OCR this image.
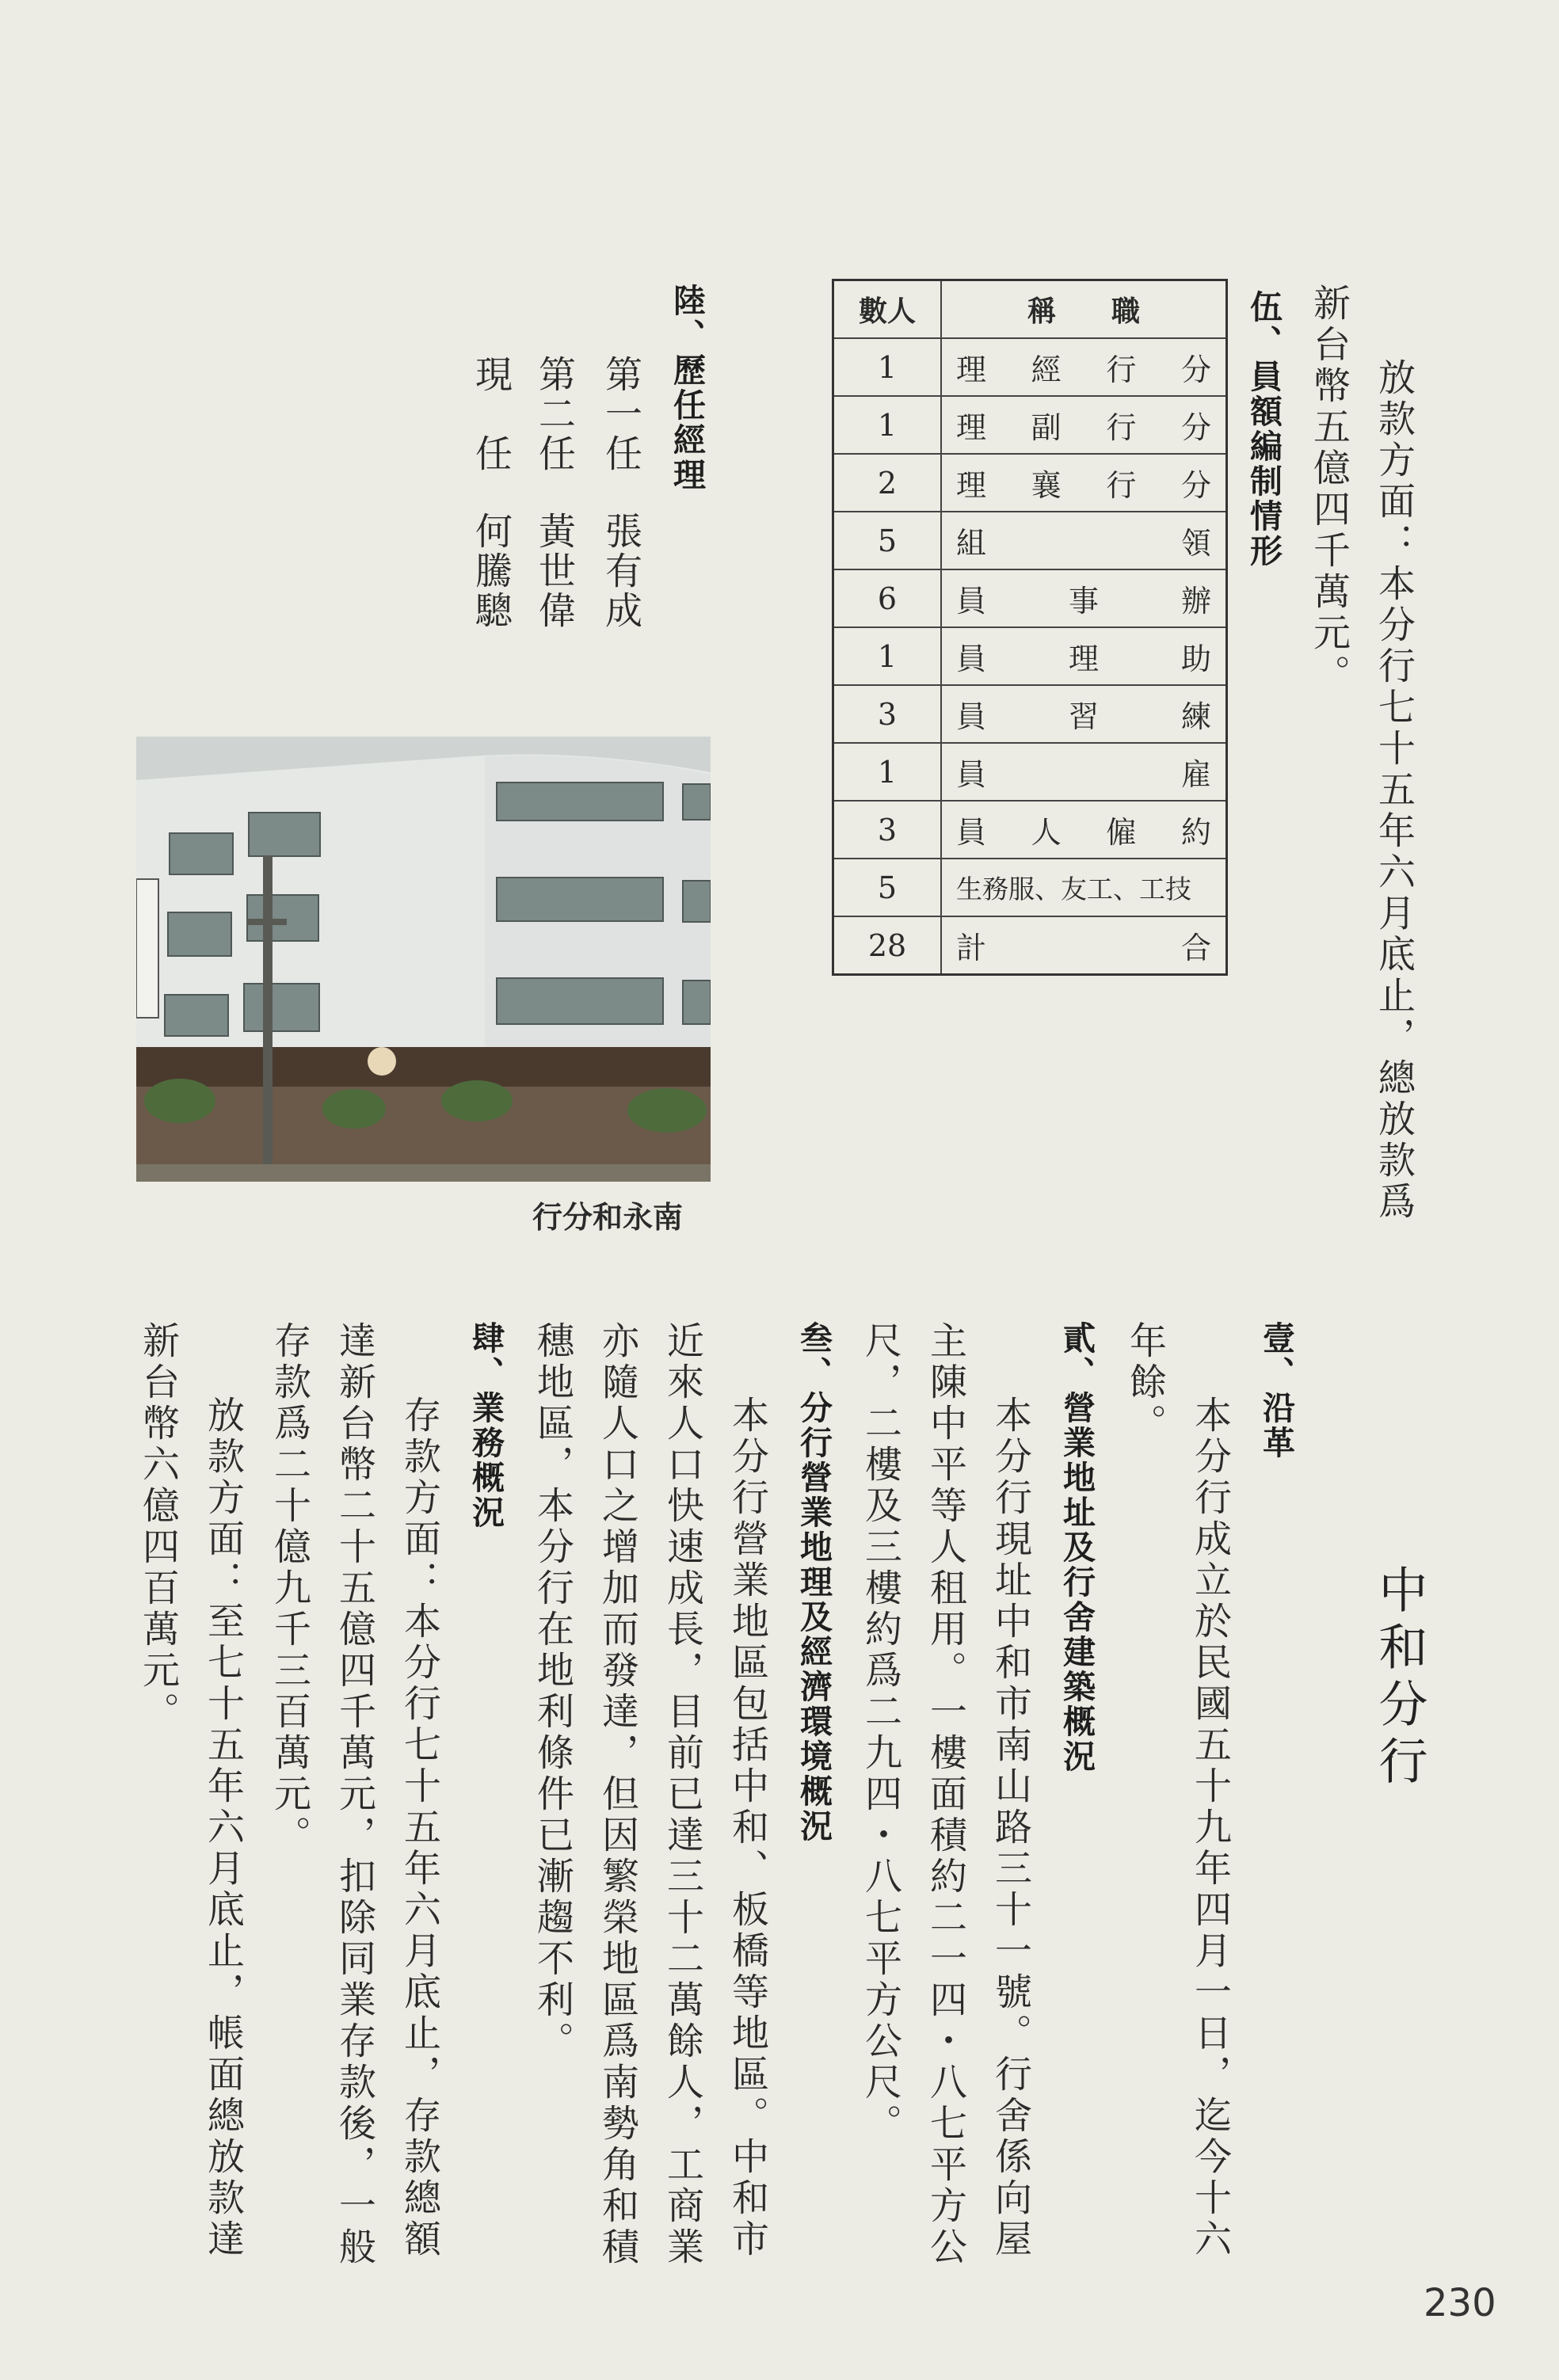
放款方面：本分行七十五年六月底止，總放款爲
新台幣五億四千萬元。
伍、員額編制情形
數人	稱 職

1	理 經 行 分

1	理 副 行 分

2	理 襄 行 分

5	組 領

6	員 事 辦

1	員 理 助

3	員 習 練

1	員 雇

3	員 人 僱 約

5	生務服、友工、工技

28	計 合
陸、歷任經理
第一任張有成
第二任黃世偉
現　任何騰驄
行分和永南
中和分行
壹、沿革
本分行成立於民國五十九年四月一日，迄今十六
年餘。
貳、營業地址及行舍建築概況
本分行現址中和市南山路三十一號。行舍係向屋
主陳中平等人租用。一樓面積約二一四・八七平方公
尺，二樓及三樓約爲二九四・八七平方公尺。
叁、分行營業地理及經濟環境概況
本分行營業地區包括中和、板橋等地區。中和市
近來人口快速成長，目前已達三十二萬餘人，工商業
亦隨人口之增加而發達，但因繁榮地區爲南勢角和積
穗地區，本分行在地利條件已漸趨不利。
肆、業務概況
存款方面：本分行七十五年六月底止，存款總額
達新台幣二十五億四千萬元，扣除同業存款後，一般
存款爲二十億九千三百萬元。
放款方面：至七十五年六月底止，帳面總放款達
新台幣六億四百萬元。
230
